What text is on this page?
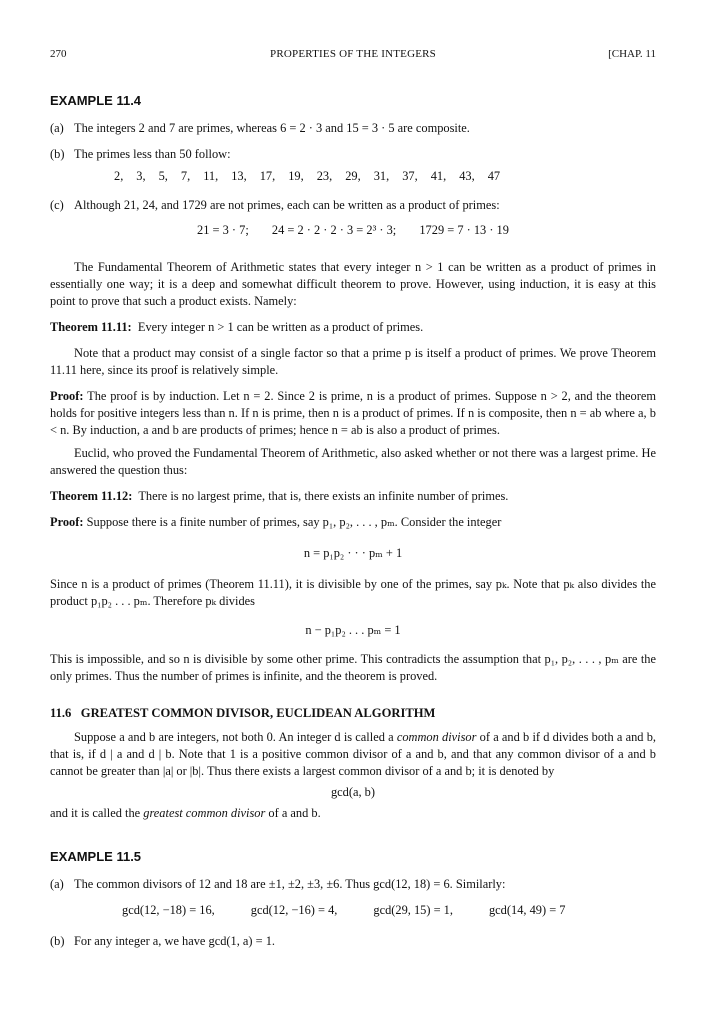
270	PROPERTIES OF THE INTEGERS	[CHAP. 11
EXAMPLE 11.4
(a) The integers 2 and 7 are primes, whereas 6 = 2 · 3 and 15 = 3 · 5 are composite.
(b) The primes less than 50 follow:
2, 3, 5, 7, 11, 13, 17, 19, 23, 29, 31, 37, 41, 43, 47
(c) Although 21, 24, and 1729 are not primes, each can be written as a product of primes:
21 = 3 · 7; 24 = 2 · 2 · 2 · 3 = 2³ · 3; 1729 = 7 · 13 · 19

The Fundamental Theorem of Arithmetic states that every integer n > 1 can be written as a product of primes in essentially one way; it is a deep and somewhat difficult theorem to prove. However, using induction, it is easy at this point to prove that such a product exists. Namely:

Theorem 11.11: Every integer n > 1 can be written as a product of primes.

Note that a product may consist of a single factor so that a prime p is itself a product of primes. We prove Theorem 11.11 here, since its proof is relatively simple.

Proof: The proof is by induction. Let n = 2. Since 2 is prime, n is a product of primes. Suppose n > 2, and the theorem holds for positive integers less than n. If n is prime, then n is a product of primes. If n is composite, then n = ab where a, b < n. By induction, a and b are products of primes; hence n = ab is also a product of primes.

Euclid, who proved the Fundamental Theorem of Arithmetic, also asked whether or not there was a largest prime. He answered the question thus:

Theorem 11.12: There is no largest prime, that is, there exists an infinite number of primes.

Proof: Suppose there is a finite number of primes, say p₁, p₂, . . . , pₘ. Consider the integer

n = p₁p₂ · · · pₘ + 1

Since n is a product of primes (Theorem 11.11), it is divisible by one of the primes, say pₖ. Note that pₖ also divides the product p₁p₂ . . . pₘ. Therefore pₖ divides

n − p₁p₂ . . . pₘ = 1

This is impossible, and so n is divisible by some other prime. This contradicts the assumption that p₁, p₂, . . . , pₘ are the only primes. Thus the number of primes is infinite, and the theorem is proved.

11.6   GREATEST COMMON DIVISOR, EUCLIDEAN ALGORITHM

Suppose a and b are integers, not both 0. An integer d is called a common divisor of a and b if d divides both a and b, that is, if d | a and d | b. Note that 1 is a positive common divisor of a and b, and that any common divisor of a and b cannot be greater than |a| or |b|. Thus there exists a largest common divisor of a and b; it is denoted by

gcd(a, b)

and it is called the greatest common divisor of a and b.

EXAMPLE 11.5
(a) The common divisors of 12 and 18 are ±1, ±2, ±3, ±6. Thus gcd(12, 18) = 6. Similarly:
gcd(12, −18) = 16,	gcd(12, −16) = 4,	gcd(29, 15) = 1,	gcd(14, 49) = 7
(b) For any integer a, we have gcd(1, a) = 1.
